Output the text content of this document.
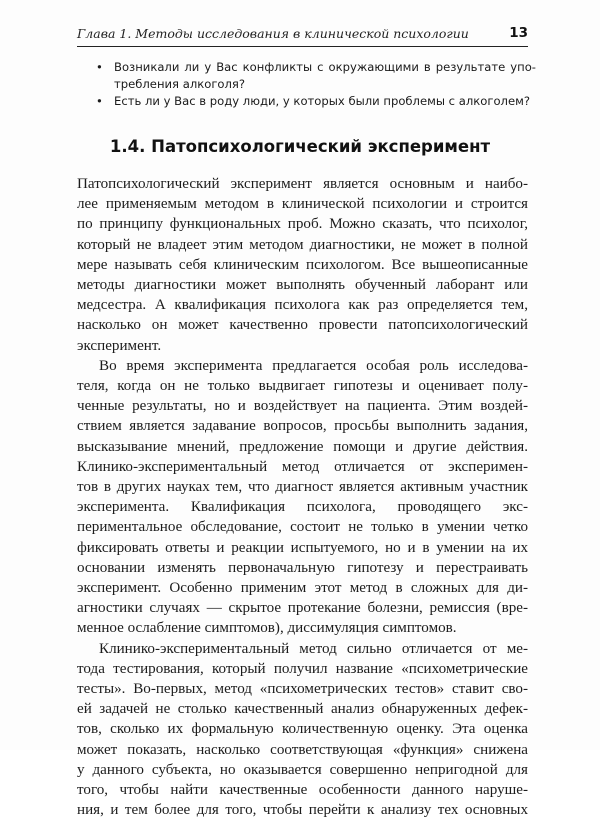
Глава 1. Методы исследования в клинической психологии	13
• Возникали ли у Вас конфликты с окружающими в результате упо-
требления алкоголя?
• Есть ли у Вас в роду люди, у которых были проблемы с алкоголем?
1.4. Патопсихологический эксперимент

Патопсихологический эксперимент является основным и наибо-
лее применяемым методом в клинической психологии и строится
по принципу функциональных проб. Можно сказать, что психолог,
который не владеет этим методом диагностики, не может в полной
мере называть себя клиническим психологом. Все вышеописанные
методы диагностики может выполнять обученный лаборант или
медсестра. А квалификация психолога как раз определяется тем,
насколько он может качественно провести патопсихологический
эксперимент.

Во время эксперимента предлагается особая роль исследова-
теля, когда он не только выдвигает гипотезы и оценивает полу-
ченные результаты, но и воздействует на пациента. Этим воздей-
ствием является задавание вопросов, просьбы выполнить задания,
высказывание мнений, предложение помощи и другие действия.
Клинико-экспериментальный метод отличается от эксперимен-
тов в других науках тем, что диагност является активным участник
эксперимента. Квалификация психолога, проводящего экс-
периментальное обследование, состоит не только в умении четко
фиксировать ответы и реакции испытуемого, но и в умении на их
основании изменять первоначальную гипотезу и перестраивать
эксперимент. Особенно применим этот метод в сложных для ди-
агностики случаях — скрытое протекание болезни, ремиссия (вре-
менное ослабление симптомов), диссимуляция симптомов.

Клинико-экспериментальный метод сильно отличается от ме-
тода тестирования, который получил название «психометрические
тесты». Во-первых, метод «психометрических тестов» ставит сво-
ей задачей не столько качественный анализ обнаруженных дефек-
тов, сколько их формальную количественную оценку. Эта оценка
может показать, насколько соответствующая «функция» снижена
у данного субъекта, но оказывается совершенно непригодной для
того, чтобы найти качественные особенности данного наруше-
ния, и тем более для того, чтобы перейти к анализу тех основных
